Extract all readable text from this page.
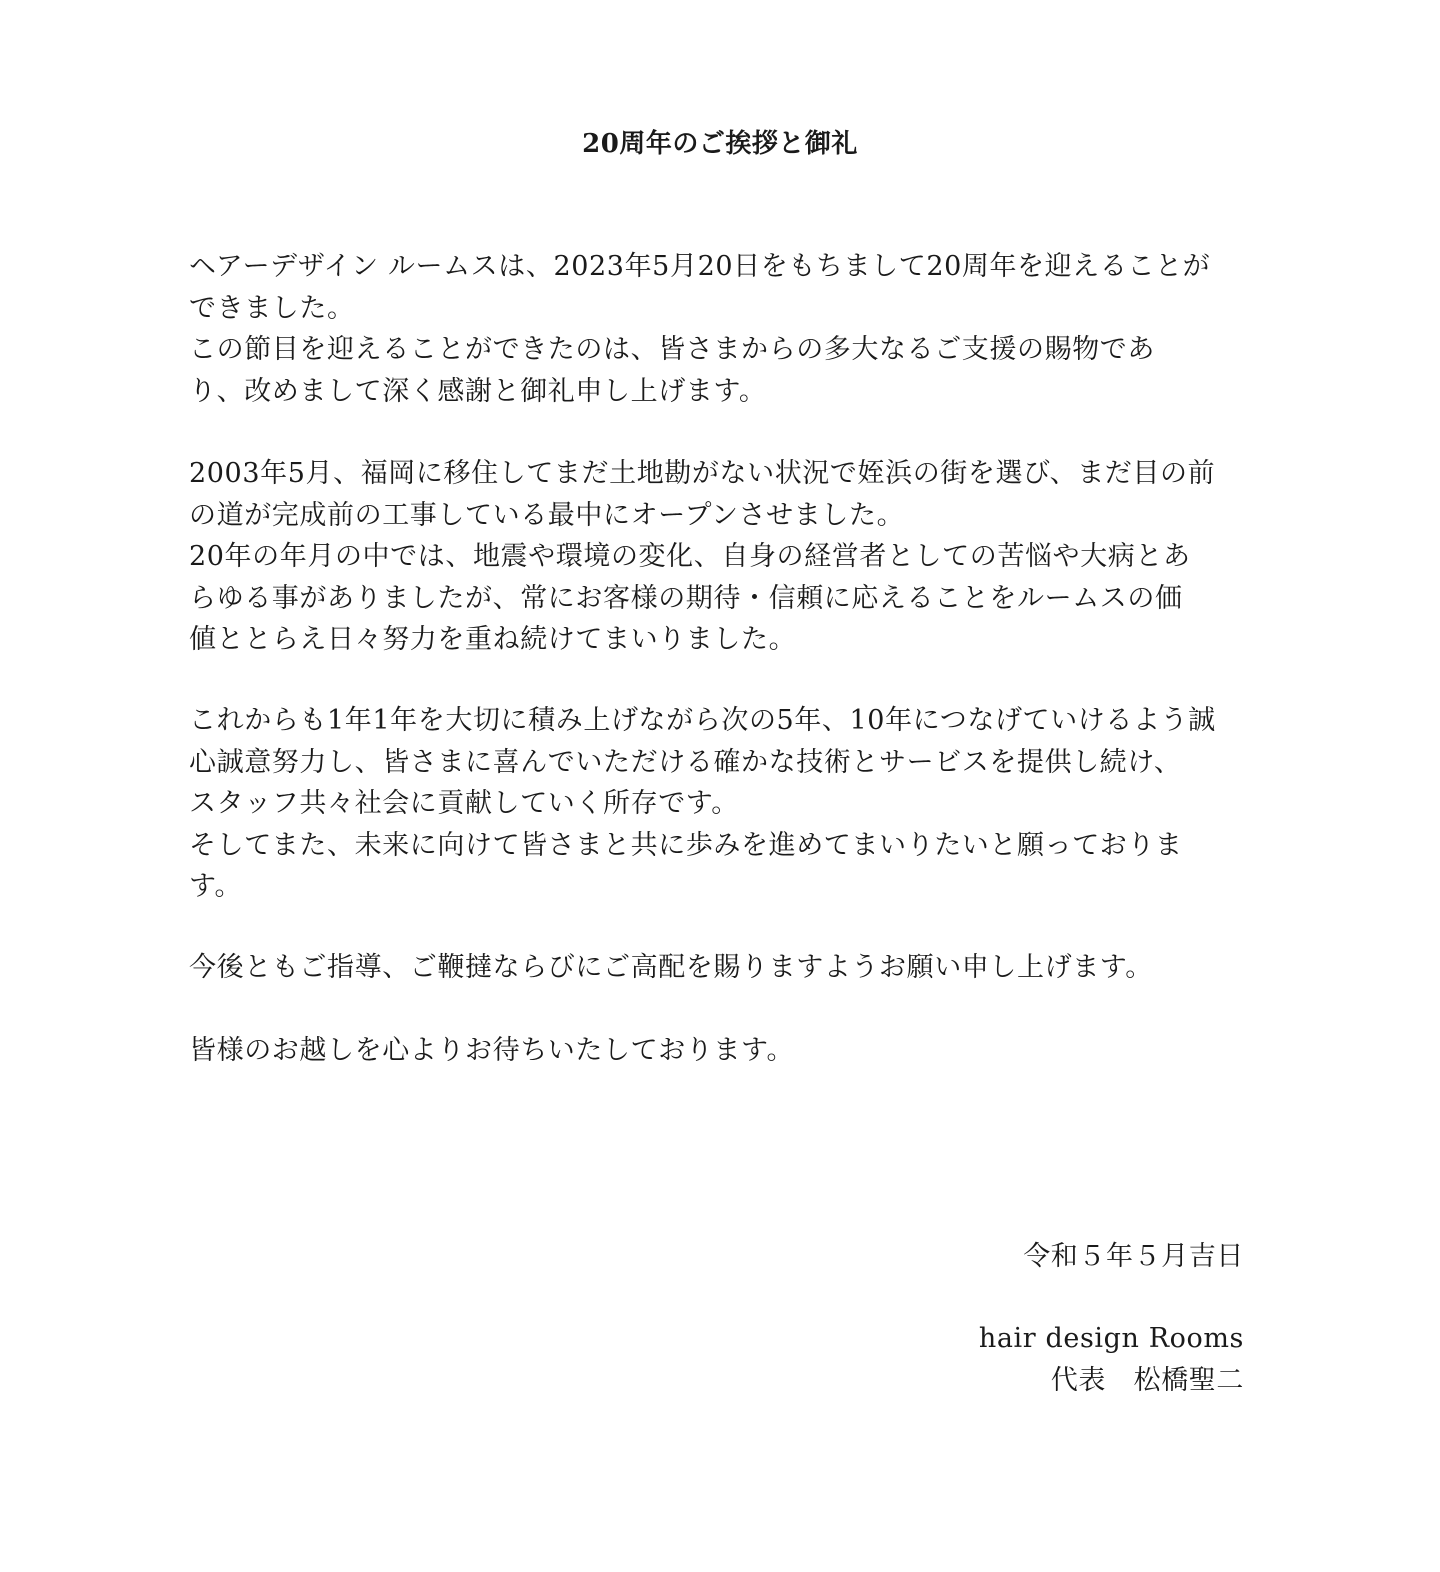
20周年のご挨拶と御礼
ヘアーデザイン ルームスは、2023年5月20日をもちまして20周年を迎えることが
できました。
この節目を迎えることができたのは、皆さまからの多大なるご支援の賜物であ
り、改めまして深く感謝と御礼申し上げます。
2003年5月、福岡に移住してまだ土地勘がない状況で姪浜の街を選び、まだ目の前
の道が完成前の工事している最中にオープンさせました。
20年の年月の中では、地震や環境の変化、自身の経営者としての苦悩や大病とあ
らゆる事がありましたが、常にお客様の期待・信頼に応えることをルームスの価
値ととらえ日々努力を重ね続けてまいりました。
これからも1年1年を大切に積み上げながら次の5年、10年につなげていけるよう誠
心誠意努力し、皆さまに喜んでいただける確かな技術とサービスを提供し続け、
スタッフ共々社会に貢献していく所存です。
そしてまた、未来に向けて皆さまと共に歩みを進めてまいりたいと願っておりま
す。
今後ともご指導、ご鞭撻ならびにご高配を賜りますようお願い申し上げます。
皆様のお越しを心よりお待ちいたしております。
令和５年５月吉日
hair design Rooms
代表　松橋聖二
